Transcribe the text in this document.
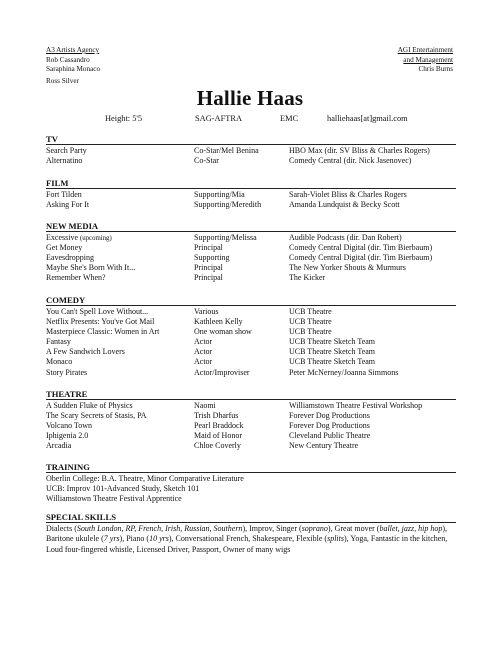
A3 Artists Agency
Rob Cassandro
Saraphina Monaco
Ross Silver
AGI Entertainment
and Management
Chris Burns
Hallie Haas
Height: 5'5	SAG-AFTRA	EMC	halliehaas[at]gmail.com
TV
Search Party	Co-Star/Mel Benina	HBO Max (dir. SV Bliss & Charles Rogers)
Alternatino	Co-Star	Comedy Central (dir. Nick Jasenovec)
FILM
Fort Tilden	Supporting/Mia	Sarah-Violet Bliss & Charles Rogers
Asking For It	Supporting/Meredith	Amanda Lundquist & Becky Scott
NEW MEDIA
Excessive (upcoming)	Supporting/Melissa	Audible Podcasts (dir. Dan Robert)
Get Money	Principal	Comedy Central Digital (dir. Tim Bierbaum)
Eavesdropping	Supporting	Comedy Central Digital (dir. Tim Bierbaum)
Maybe She's Born With It...	Principal	The New Yorker Shouts & Murmurs
Remember When?	Principal	The Kicker
COMEDY
You Can't Spell Love Without...	Various	UCB Theatre
Netflix Presents: You've Got Mail	Kathleen Kelly	UCB Theatre
Masterpiece Classic: Women in Art	One woman show	UCB Theatre
Fantasy	Actor	UCB Theatre Sketch Team
A Few Sandwich Lovers	Actor	UCB Theatre Sketch Team
Monaco	Actor	UCB Theatre Sketch Team
Story Pirates	Actor/Improviser	Peter McNerney/Joanna Simmons
THEATRE
A Sudden Fluke of Physics	Naomi	Williamstown Theatre Festival Workshop
The Scary Secrets of Stasis, PA	Trish Dharfus	Forever Dog Productions
Volcano Town	Pearl Braddock	Forever Dog Productions
Iphigenia 2.0	Maid of Honor	Cleveland Public Theatre
Arcadia	Chloe Coverly	New Century Theatre
TRAINING
Oberlin College: B.A. Theatre, Minor Comparative Literature
UCB: Improv 101-Advanced Study, Sketch 101
Williamstown Theatre Festival Apprentice
SPECIAL SKILLS
Dialects (South London, RP, French, Irish, Russian, Southern), Improv, Singer (soprano), Great mover (ballet, jazz, hip hop), Baritone ukulele (7 yrs), Piano (10 yrs), Conversational French, Shakespeare, Flexible (splits), Yoga, Fantastic in the kitchen, Loud four-fingered whistle, Licensed Driver, Passport, Owner of many wigs
